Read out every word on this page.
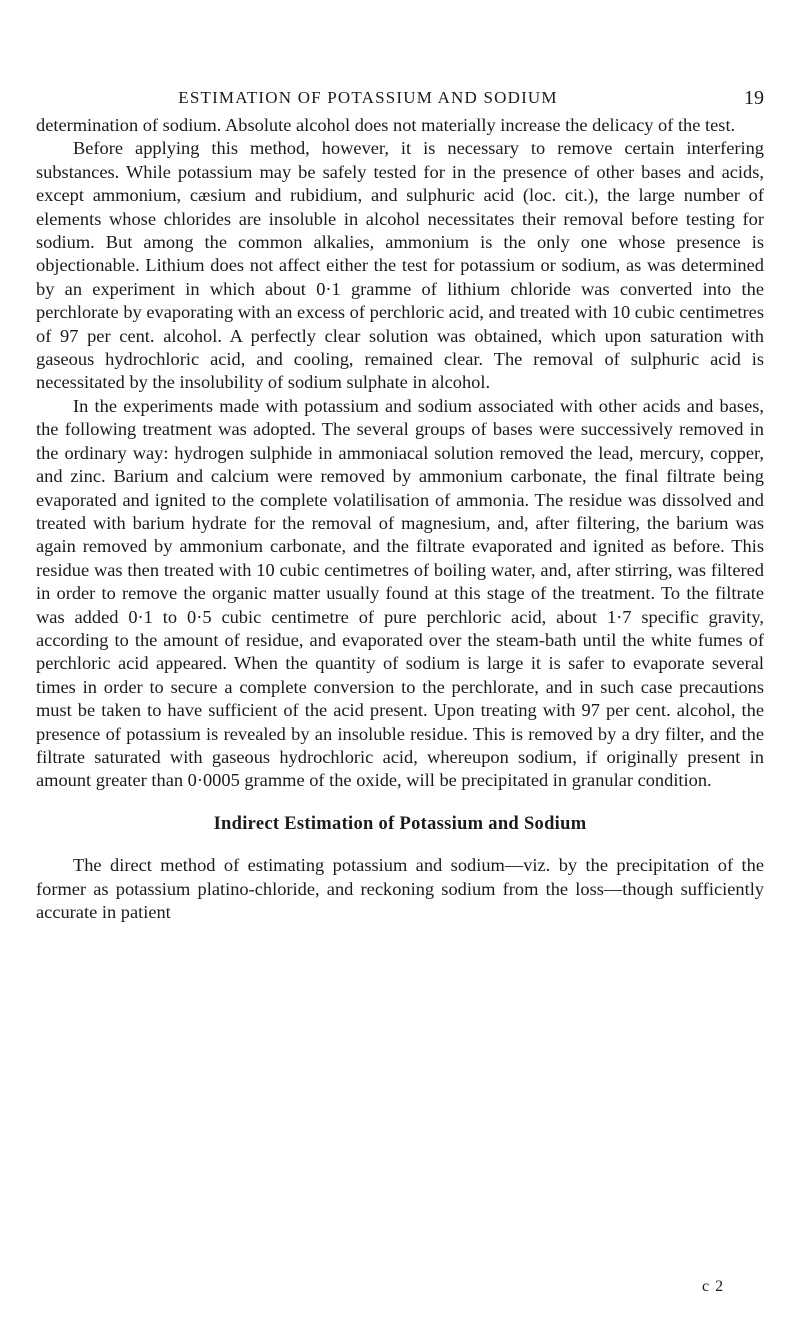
ESTIMATION OF POTASSIUM AND SODIUM	19

determination of sodium. Absolute alcohol does not materially increase the delicacy of the test.

Before applying this method, however, it is necessary to remove certain interfering substances. While potassium may be safely tested for in the presence of other bases and acids, except ammonium, cæsium and rubidium, and sulphuric acid (loc. cit.), the large number of elements whose chlorides are insoluble in alcohol necessitates their removal before testing for sodium. But among the common alkalies, ammonium is the only one whose presence is objectionable. Lithium does not affect either the test for potassium or sodium, as was determined by an experiment in which about 0·1 gramme of lithium chloride was converted into the perchlorate by evaporating with an excess of perchloric acid, and treated with 10 cubic centimetres of 97 per cent. alcohol. A perfectly clear solution was obtained, which upon saturation with gaseous hydrochloric acid, and cooling, remained clear. The removal of sulphuric acid is necessitated by the insolubility of sodium sulphate in alcohol.

In the experiments made with potassium and sodium associated with other acids and bases, the following treatment was adopted. The several groups of bases were successively removed in the ordinary way: hydrogen sulphide in ammoniacal solution removed the lead, mercury, copper, and zinc. Barium and calcium were removed by ammonium carbonate, the final filtrate being evaporated and ignited to the complete volatilisation of ammonia. The residue was dissolved and treated with barium hydrate for the removal of magnesium, and, after filtering, the barium was again removed by ammonium carbonate, and the filtrate evaporated and ignited as before. This residue was then treated with 10 cubic centimetres of boiling water, and, after stirring, was filtered in order to remove the organic matter usually found at this stage of the treatment. To the filtrate was added 0·1 to 0·5 cubic centimetre of pure perchloric acid, about 1·7 specific gravity, according to the amount of residue, and evaporated over the steam-bath until the white fumes of perchloric acid appeared. When the quantity of sodium is large it is safer to evaporate several times in order to secure a complete conversion to the perchlorate, and in such case precautions must be taken to have sufficient of the acid present. Upon treating with 97 per cent. alcohol, the presence of potassium is revealed by an insoluble residue. This is removed by a dry filter, and the filtrate saturated with gaseous hydrochloric acid, whereupon sodium, if originally present in amount greater than 0·0005 gramme of the oxide, will be precipitated in granular condition.

Indirect Estimation of Potassium and Sodium

The direct method of estimating potassium and sodium—viz. by the precipitation of the former as potassium platino-chloride, and reckoning sodium from the loss—though sufficiently accurate in patient

c 2
